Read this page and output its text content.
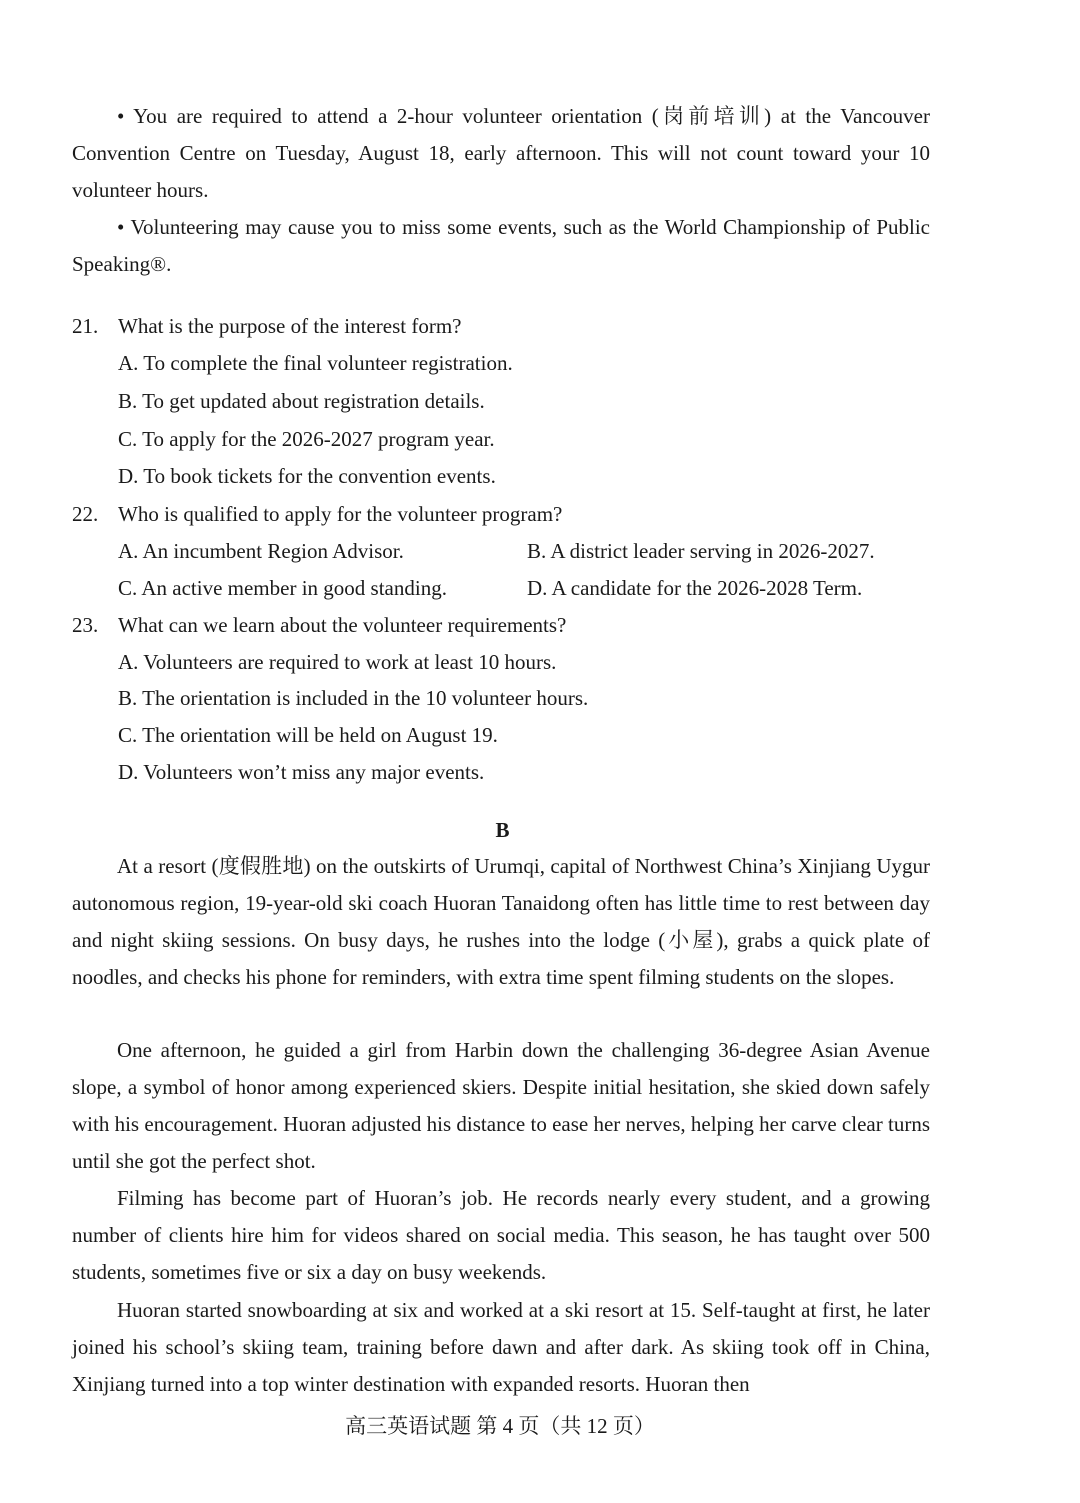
• You are required to attend a 2-hour volunteer orientation (岗前培训) at the Vancouver Convention Centre on Tuesday, August 18, early afternoon. This will not count toward your 10 volunteer hours.

• Volunteering may cause you to miss some events, such as the World Championship of Public Speaking®.

21. What is the purpose of the interest form?
A. To complete the final volunteer registration.
B. To get updated about registration details.
C. To apply for the 2026-2027 program year.
D. To book tickets for the convention events.
22. Who is qualified to apply for the volunteer program?
A. An incumbent Region Advisor.	B. A district leader serving in 2026-2027.
C. An active member in good standing.	D. A candidate for the 2026-2028 Term.
23. What can we learn about the volunteer requirements?
A. Volunteers are required to work at least 10 hours.
B. The orientation is included in the 10 volunteer hours.
C. The orientation will be held on August 19.
D. Volunteers won’t miss any major events.
B

At a resort (度假胜地) on the outskirts of Urumqi, capital of Northwest China’s Xinjiang Uygur autonomous region, 19-year-old ski coach Huoran Tanaidong often has little time to rest between day and night skiing sessions. On busy days, he rushes into the lodge (小屋), grabs a quick plate of noodles, and checks his phone for reminders, with extra time spent filming students on the slopes.

One afternoon, he guided a girl from Harbin down the challenging 36-degree Asian Avenue slope, a symbol of honor among experienced skiers. Despite initial hesitation, she skied down safely with his encouragement. Huoran adjusted his distance to ease her nerves, helping her carve clear turns until she got the perfect shot.

Filming has become part of Huoran’s job. He records nearly every student, and a growing number of clients hire him for videos shared on social media. This season, he has taught over 500 students, sometimes five or six a day on busy weekends.

Huoran started snowboarding at six and worked at a ski resort at 15. Self-taught at first, he later joined his school’s skiing team, training before dawn and after dark. As skiing took off in China, Xinjiang turned into a top winter destination with expanded resorts. Huoran then

高三英语试题 第 4 页（共 12 页）
